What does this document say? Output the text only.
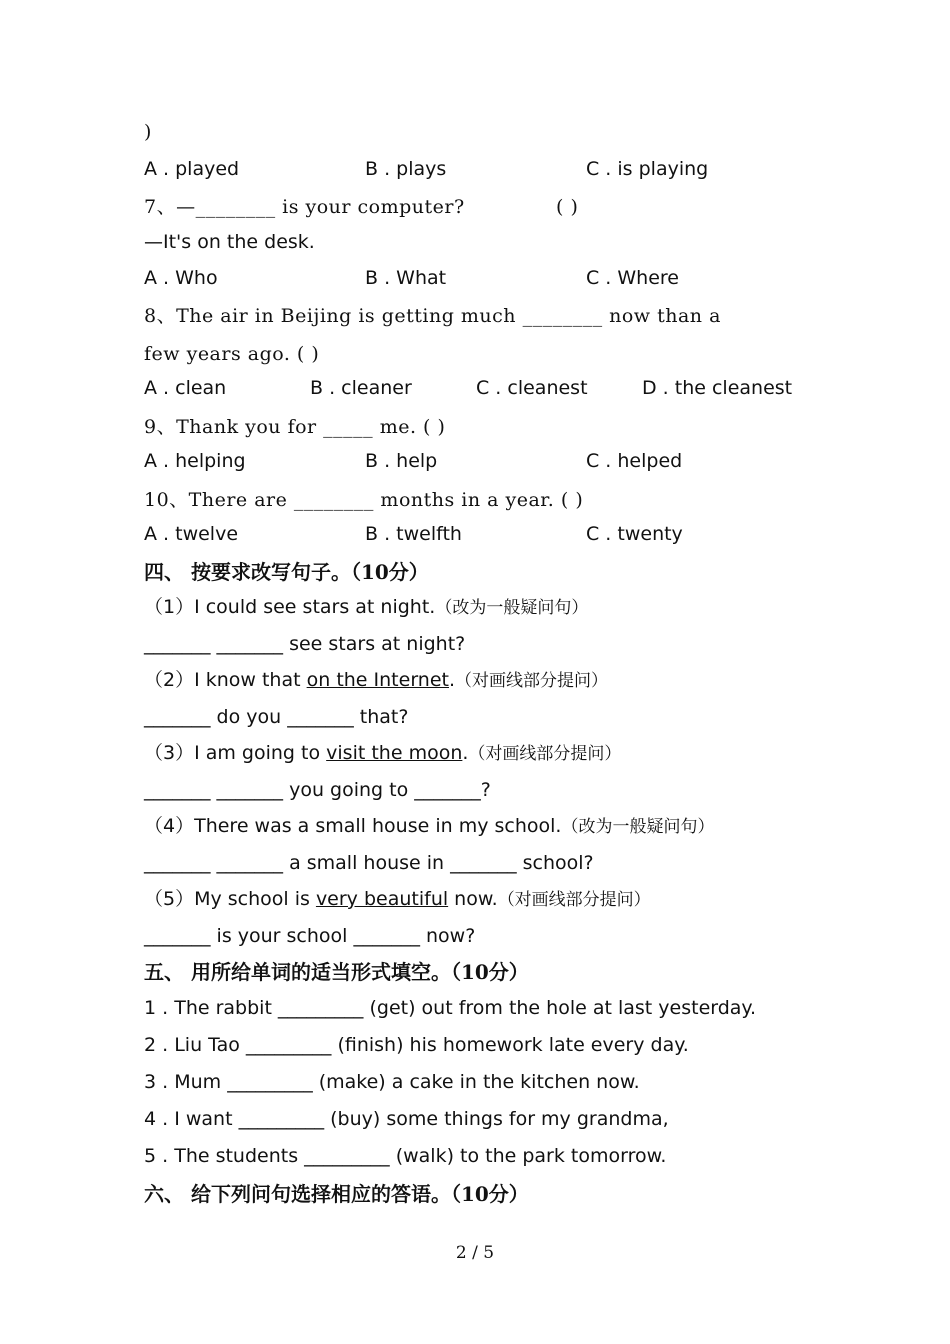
)
A . played	B . plays	C . is playing
7、—________ is your computer?	( )
—It's on the desk.
A . Who	B . What	C . Where
8、The air in Beijing is getting much ________ now than a
few years ago. ( )
A . clean	B . cleaner	C . cleanest	D . the cleanest
9、Thank you for _____ me. ( )
A . helping	B . help	C . helped
10、There are ________ months in a year. ( )
A . twelve	B . twelfth	C . twenty
四、 按要求改写句子。（10分）
（1）I could see stars at night.（改为一般疑问句）
_______ _______ see stars at night?
（2）I know that on the Internet.（对画线部分提问）
_______ do you _______ that?
（3）I am going to visit the moon.（对画线部分提问）
_______ _______ you going to _______?
（4）There was a small house in my school.（改为一般疑问句）
_______ _______ a small house in _______ school?
（5）My school is very beautiful now.（对画线部分提问）
_______ is your school _______ now?
五、 用所给单词的适当形式填空。（10分）
1 . The rabbit _________ (get) out from the hole at last yesterday.
2 . Liu Tao _________ (finish) his homework late every day.
3 . Mum _________ (make) a cake in the kitchen now.
4 . I want _________ (buy) some things for my grandma,
5 . The students _________ (walk) to the park tomorrow.
六、 给下列问句选择相应的答语。（10分）
2 / 5
